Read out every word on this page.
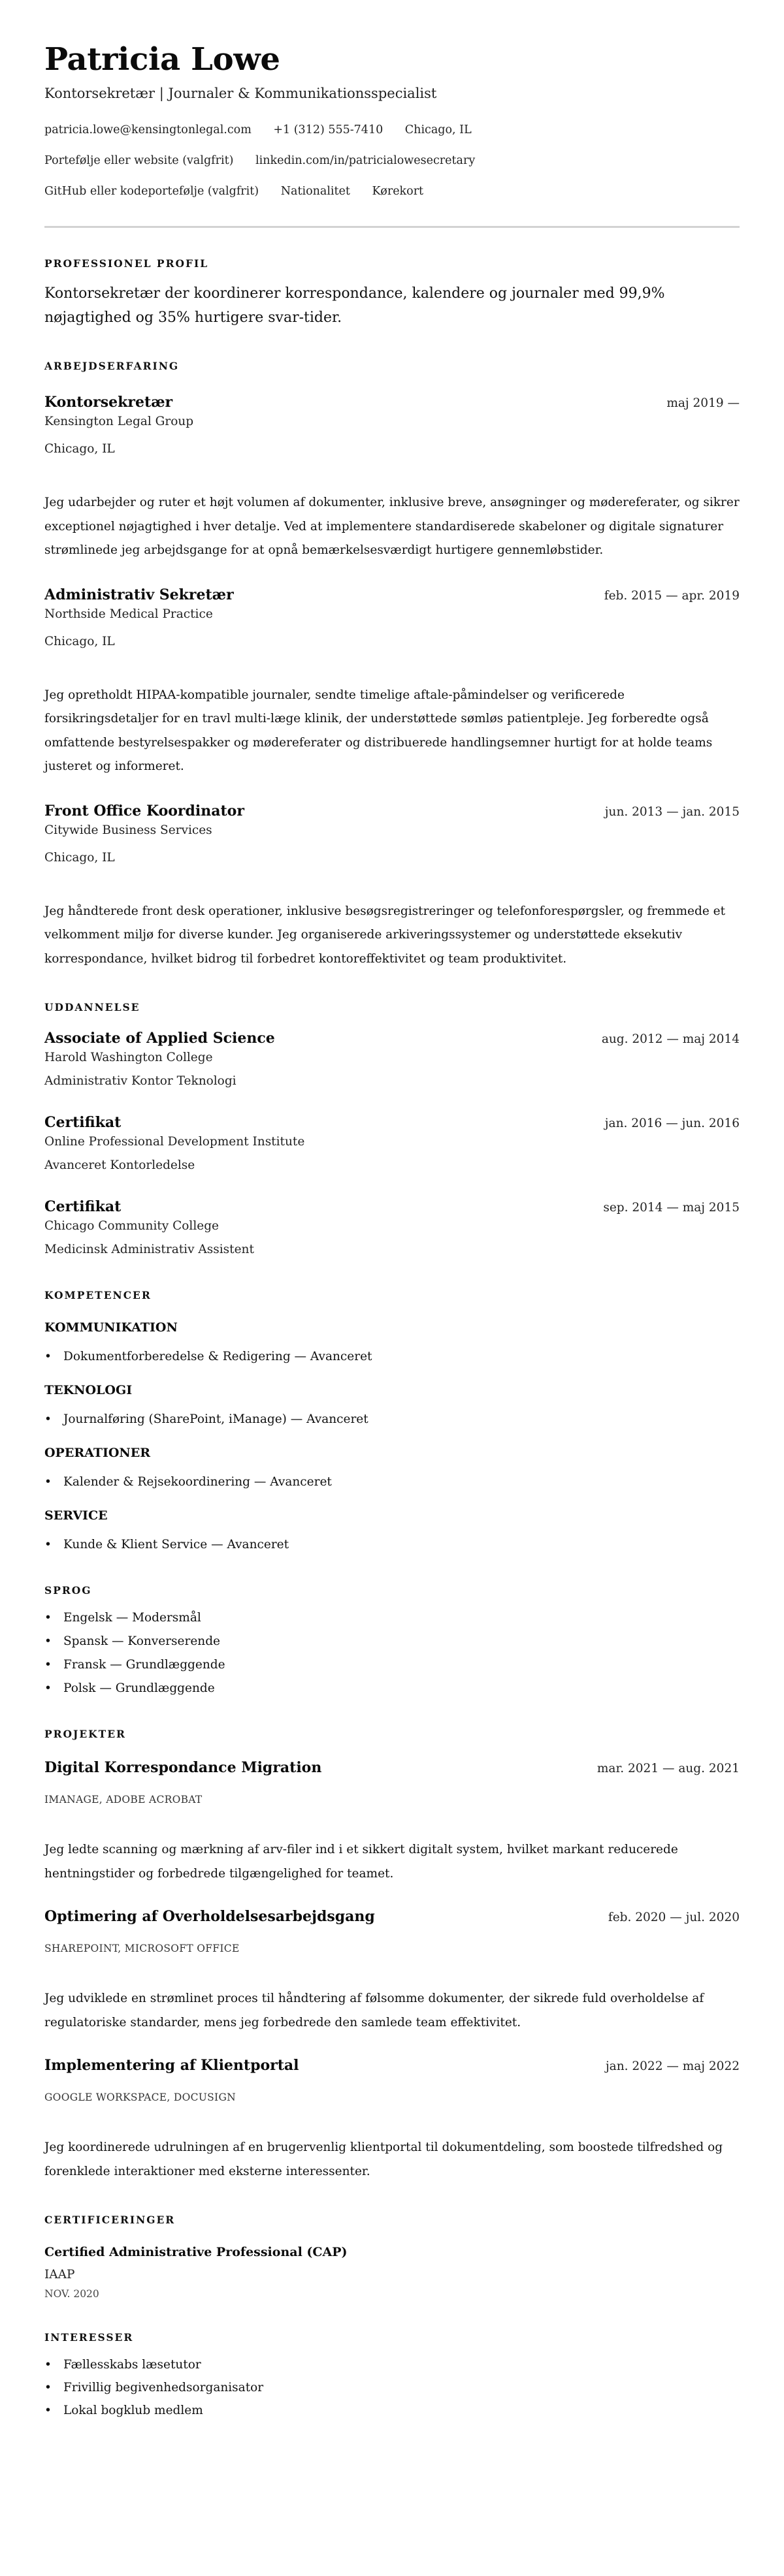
Patricia Lowe
Kontorsekretær | Journaler & Kommunikationsspecialist
patricia.lowe@kensingtonlegal.com +1 (312) 555-7410 Chicago, IL
Portefølje eller website (valgfrit) linkedin.com/in/patricialowesecretary
GitHub eller kodeportefølje (valgfrit) Nationalitet Kørekort
PROFESSIONEL PROFIL

Kontorsekretær der koordinerer korrespondance, kalendere og journaler med 99,9% nøjagtighed og 35% hurtigere svar-tider.

ARBEJDSERFARING
Kontorsekretær	maj 2019 —
Kensington Legal Group
Chicago, IL

Jeg udarbejder og ruter et højt volumen af dokumenter, inklusive breve, ansøgninger og mødereferater, og sikrer exceptionel nøjagtighed i hver detalje. Ved at implementere standardiserede skabeloner og digitale signaturer strømlinede jeg arbejdsgange for at opnå bemærkelsesværdigt hurtigere gennemløbstider.

Administrativ Sekretær	feb. 2015 — apr. 2019
Northside Medical Practice
Chicago, IL

Jeg opretholdt HIPAA-kompatible journaler, sendte timelige aftale-påmindelser og verificerede forsikringsdetaljer for en travl multi-læge klinik, der understøttede sømløs patientpleje. Jeg forberedte også omfattende bestyrelsespakker og mødereferater og distribuerede handlingsemner hurtigt for at holde teams justeret og informeret.

Front Office Koordinator	jun. 2013 — jan. 2015
Citywide Business Services
Chicago, IL

Jeg håndterede front desk operationer, inklusive besøgsregistreringer og telefonforespørgsler, og fremmede et velkomment miljø for diverse kunder. Jeg organiserede arkiveringssystemer og understøttede eksekutiv korrespondance, hvilket bidrog til forbedret kontoreffektivitet og team produktivitet.

UDDANNELSE
Associate of Applied Science	aug. 2012 — maj 2014
Harold Washington College
Administrativ Kontor Teknologi
Certifikat	jan. 2016 — jun. 2016
Online Professional Development Institute
Avanceret Kontorledelse
Certifikat	sep. 2014 — maj 2015
Chicago Community College
Medicinsk Administrativ Assistent
KOMPETENCER
KOMMUNIKATION
• Dokumentforberedelse & Redigering — Avanceret
TEKNOLOGI
• Journalføring (SharePoint, iManage) — Avanceret
OPERATIONER
• Kalender & Rejsekoordinering — Avanceret
SERVICE
• Kunde & Klient Service — Avanceret
SPROG
• Engelsk — Modersmål
• Spansk — Konverserende
• Fransk — Grundlæggende
• Polsk — Grundlæggende
PROJEKTER
Digital Korrespondance Migration	mar. 2021 — aug. 2021
IMANAGE, ADOBE ACROBAT

Jeg ledte scanning og mærkning af arv-filer ind i et sikkert digitalt system, hvilket markant reducerede hentningstider og forbedrede tilgængelighed for teamet.

Optimering af Overholdelsesarbejdsgang	feb. 2020 — jul. 2020
SHAREPOINT, MICROSOFT OFFICE

Jeg udviklede en strømlinet proces til håndtering af følsomme dokumenter, der sikrede fuld overholdelse af regulatoriske standarder, mens jeg forbedrede den samlede team effektivitet.

Implementering af Klientportal	jan. 2022 — maj 2022
GOOGLE WORKSPACE, DOCUSIGN

Jeg koordinerede udrulningen af en brugervenlig klientportal til dokumentdeling, som boostede tilfredshed og forenklede interaktioner med eksterne interessenter.

CERTIFICERINGER
Certified Administrative Professional (CAP)
IAAP
NOV. 2020
INTERESSER
• Fællesskabs læsetutor
• Frivillig begivenhedsorganisator
• Lokal bogklub medlem
